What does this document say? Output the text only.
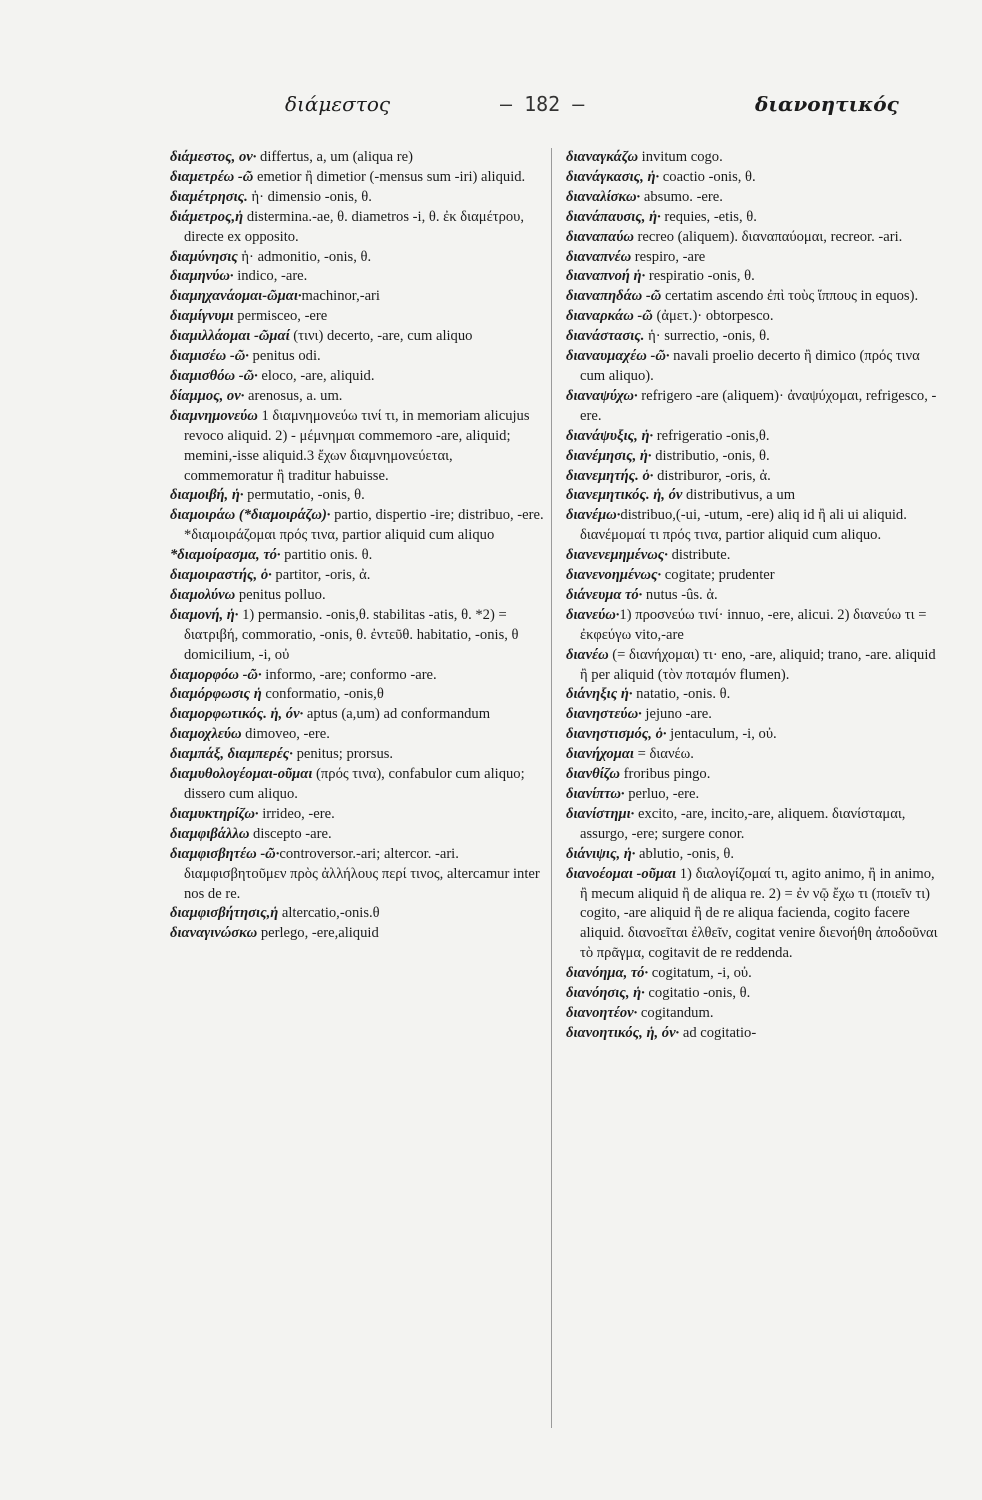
διάμεστος	— 182 —	διανοητικός

διάμεστος, ον· differtus, a, um (aliqua re)

διαμετρέω -ῶ emetior ἢ dimetior (-mensus sum -iri) aliquid.

διαμέτρησις. ἡ· dimensio -onis, θ.

διάμετρος,ἡ distermina.-ae, θ. diametros -i, θ. ἐκ διαμέτρου, directe ex opposito.

διαμύνησις ἡ· admonitio, -onis, θ.

διαμηνύω· indico, -are.

διαμηχανάομαι-ῶμαι·machinor,-ari

διαμίγνυμι permisceo, -ere

διαμιλλάομαι -ῶμαί (τινι) decerto, -are, cum aliquo

διαμισέω -ῶ· penitus odi.

διαμισθόω -ῶ· eloco, -are, aliquid.

δίαμμος, ον· arenosus, a. um.

διαμνημονεύω 1 διαμνημονεύω τινί τι, in memoriam alicujus revoco aliquid. 2) - μέμνημαι commemoro -are, aliquid; memini,-isse aliquid.3 ἔχων διαμνημονεύεται, commemoratur ἢ traditur habuisse.

διαμοιβή, ἡ· permutatio, -onis, θ.

διαμοιράω (*διαμοιράζω)· partio, dispertio -ire; distribuo, -ere. *διαμοιράζομαι πρός τινα, partior aliquid cum aliquo

*διαμοίρασμα, τό· partitio onis. θ.

διαμοιραστής, ὁ· partitor, -oris, ἀ.

διαμολύνω penitus polluo.

διαμονή, ἡ· 1) permansio. -onis,θ. stabilitas -atis, θ. *2) = διατριβή, commoratio, -onis, θ. ἐντεῦθ. habitatio, -onis, θ domicilium, -i, οὐ

διαμορφόω -ῶ· informo, -are; conformo -are.

διαμόρφωσις ἡ conformatio, -onis,θ

διαμορφωτικός. ἡ, όν· aptus (a,um) ad conformandum

διαμοχλεύω dimoveo, -ere.

διαμπάξ, διαμπερές· penitus; prorsus.

διαμυθολογέομαι-οῦμαι (πρός τινα), confabulor cum aliquo; dissero cum aliquo.

διαμυκτηρίζω· irrideo, -ere.

διαμφιβάλλω discepto -are.

διαμφισβητέω -ῶ·controversor.-ari; altercor. -ari. διαμφισβητοῦμεν πρὸς ἀλλήλους περί τινος, altercamur inter nos de re.

διαμφισβήτησις,ἡ altercatio,-onis.θ

διαναγινώσκω perlego, -ere,aliquid

διαναγκάζω invitum cogo.

διανάγκασις, ἡ· coactio -onis, θ.

διαναλίσκω· absumo. -ere.

διανάπαυσις, ἡ· requies, -etis, θ.

διαναπαύω recreo (aliquem). διαναπαύομαι, recreor. -ari.

διαναπνέω respiro, -are

διαναπνοή ἡ· respiratio -onis, θ.

διαναπηδάω -ῶ certatim ascendo ἐπὶ τοὺς ἵππους in equos).

διαναρκάω -ῶ (ἀμετ.)· obtorpesco.

διανάστασις. ἡ· surrectio, -onis, θ.

διαναυμαχέω -ῶ· navali proelio decerto ἢ dimico (πρός τινα cum aliquo).

διαναψύχω· refrigero -are (aliquem)· ἀναψύχομαι, refrigesco, -ere.

διανάψυξις, ἡ· refrigeratio -onis,θ.

διανέμησις, ἡ· distributio, -onis, θ.

διανεμητής. ὁ· distriburor, -oris, ἀ.

διανεμητικός. ἡ, όν distributivus, a um

διανέμω·distribuo,(-ui, -utum, -ere) aliq id ἢ ali ui aliquid. διανέμομαί τι πρός τινα, partior aliquid cum aliquo.

διανενεμημένως· distribute.

διανενοημένως· cogitate; prudenter

διάνευμα τό· nutus -ûs. ἀ.

διανεύω·1) προσνεύω τινί· innuo, -ere, alicui. 2) διανεύω τι = ἐκφεύγω vito,-are

διανέω (= διανήχομαι) τι· eno, -are, aliquid; trano, -are. aliquid ἢ per aliquid (τὸν ποταμόν flumen).

διάνηξις ἡ· natatio, -onis. θ.

διανηστεύω· jejuno -are.

διανηστισμός, ὁ· jentaculum, -i, οὐ.

διανήχομαι = διανέω.

διανθίζω froribus pingo.

διανίπτω· perluo, -ere.

διανίστημι· excito, -are, incito,-are, aliquem. διανίσταμαι, assurgo, -ere; surgere conor.

διάνιψις, ἡ· ablutio, -onis, θ.

διανοέομαι -οῦμαι 1) διαλογίζομαί τι, agito animo, ἢ in animo, ἢ mecum aliquid ἢ de aliqua re. 2) = ἐν νῷ ἔχω τι (ποιεῖν τι) cogito, -are aliquid ἢ de re aliqua facienda, cogito facere aliquid. διανοεῖται ἐλθεῖν, cogitat venire διενοήθη ἀποδοῦναι τὸ πρᾶγμα, cogitavit de re reddenda.

διανόημα, τό· cogitatum, -i, οὐ.

διανόησις, ἡ· cogitatio -onis, θ.

διανοητέον· cogitandum.

διανοητικός, ἡ, όν· ad cogitatio-
